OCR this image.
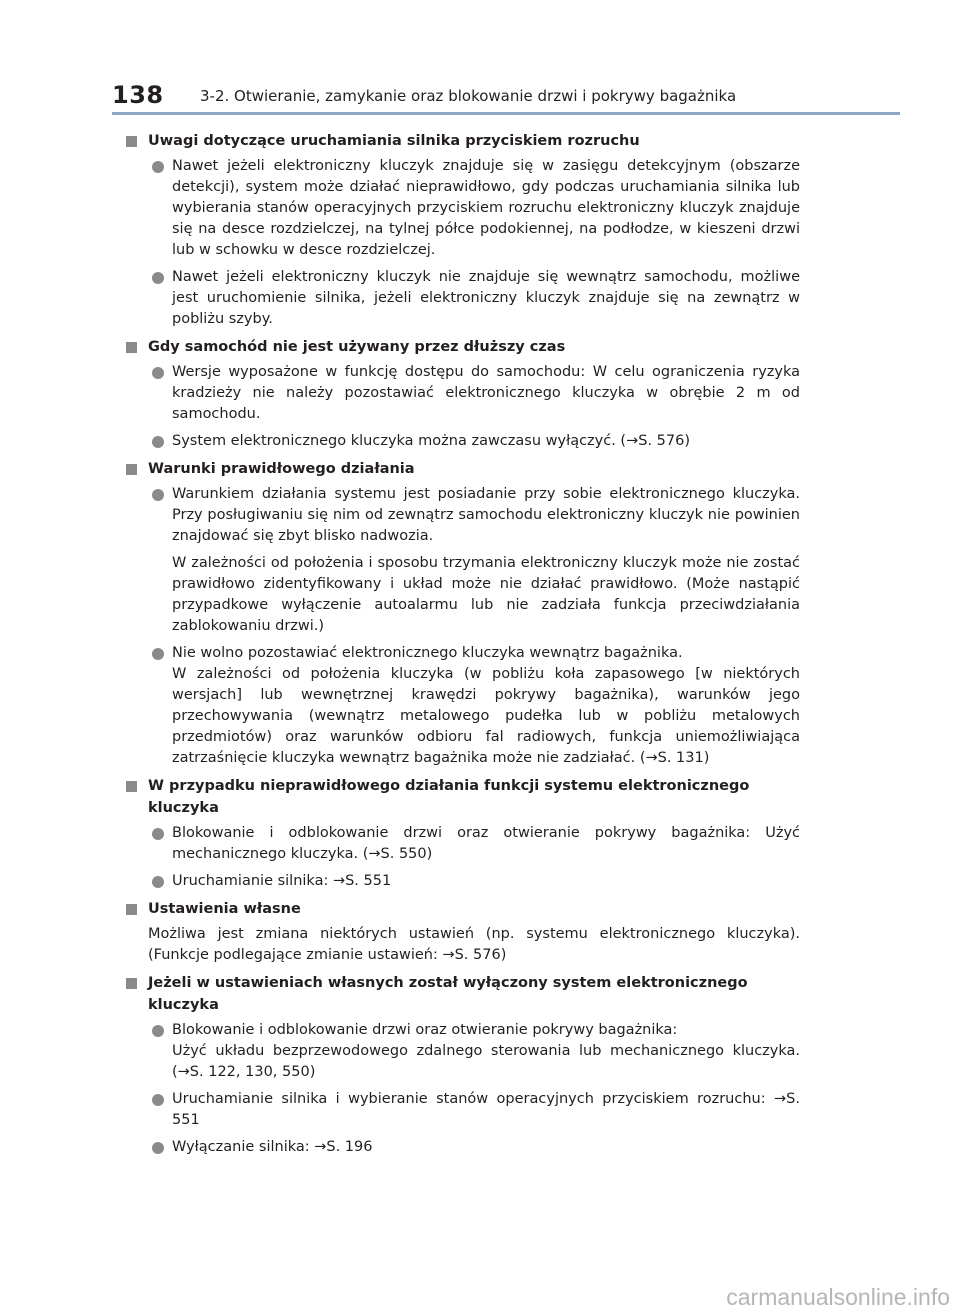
138 3-2. Otwieranie, zamykanie oraz blokowanie drzwi i pokrywy bagażnika
Uwagi dotyczące uruchamiania silnika przyciskiem rozruchu
Nawet jeżeli elektroniczny kluczyk znajduje się w zasięgu detekcyjnym (obszarze detekcji), system może działać nieprawidłowo, gdy podczas uruchamiania silnika lub wybierania stanów operacyjnych przyciskiem rozruchu elektroniczny kluczyk znajduje się na desce rozdzielczej, na tylnej półce podokiennej, na podłodze, w kieszeni drzwi lub w schowku w desce rozdzielczej.
Nawet jeżeli elektroniczny kluczyk nie znajduje się wewnątrz samochodu, możliwe jest uruchomienie silnika, jeżeli elektroniczny kluczyk znajduje się na zewnątrz w pobliżu szyby.
Gdy samochód nie jest używany przez dłuższy czas
Wersje wyposażone w funkcję dostępu do samochodu: W celu ograniczenia ryzyka kradzieży nie należy pozostawiać elektronicznego kluczyka w obrębie 2 m od samochodu.
System elektronicznego kluczyka można zawczasu wyłączyć. (→S. 576)
Warunki prawidłowego działania
Warunkiem działania systemu jest posiadanie przy sobie elektronicznego kluczyka. Przy posługiwaniu się nim od zewnątrz samochodu elektroniczny kluczyk nie powinien znajdować się zbyt blisko nadwozia.
W zależności od położenia i sposobu trzymania elektroniczny kluczyk może nie zostać prawidłowo zidentyfikowany i układ może nie działać prawidłowo. (Może nastąpić przypadkowe wyłączenie autoalarmu lub nie zadziała funkcja przeciwdziałania zablokowaniu drzwi.)
Nie wolno pozostawiać elektronicznego kluczyka wewnątrz bagażnika.
W zależności od położenia kluczyka (w pobliżu koła zapasowego [w niektórych wersjach] lub wewnętrznej krawędzi pokrywy bagażnika), warunków jego przechowywania (wewnątrz metalowego pudełka lub w pobliżu metalowych przedmiotów) oraz warunków odbioru fal radiowych, funkcja uniemożliwiająca zatrzaśnięcie kluczyka wewnątrz bagażnika może nie zadziałać. (→S. 131)
W przypadku nieprawidłowego działania funkcji systemu elektronicznego kluczyka
Blokowanie i odblokowanie drzwi oraz otwieranie pokrywy bagażnika: Użyć mechanicznego kluczyka. (→S. 550)
Uruchamianie silnika: →S. 551
Ustawienia własne
Możliwa jest zmiana niektórych ustawień (np. systemu elektronicznego kluczyka). (Funkcje podlegające zmianie ustawień: →S. 576)
Jeżeli w ustawieniach własnych został wyłączony system elektronicznego kluczyka
Blokowanie i odblokowanie drzwi oraz otwieranie pokrywy bagażnika:
Użyć układu bezprzewodowego zdalnego sterowania lub mechanicznego kluczyka. (→S. 122, 130, 550)
Uruchamianie silnika i wybieranie stanów operacyjnych przyciskiem rozruchu: →S. 551
Wyłączanie silnika: →S. 196
carmanualsonline.info
